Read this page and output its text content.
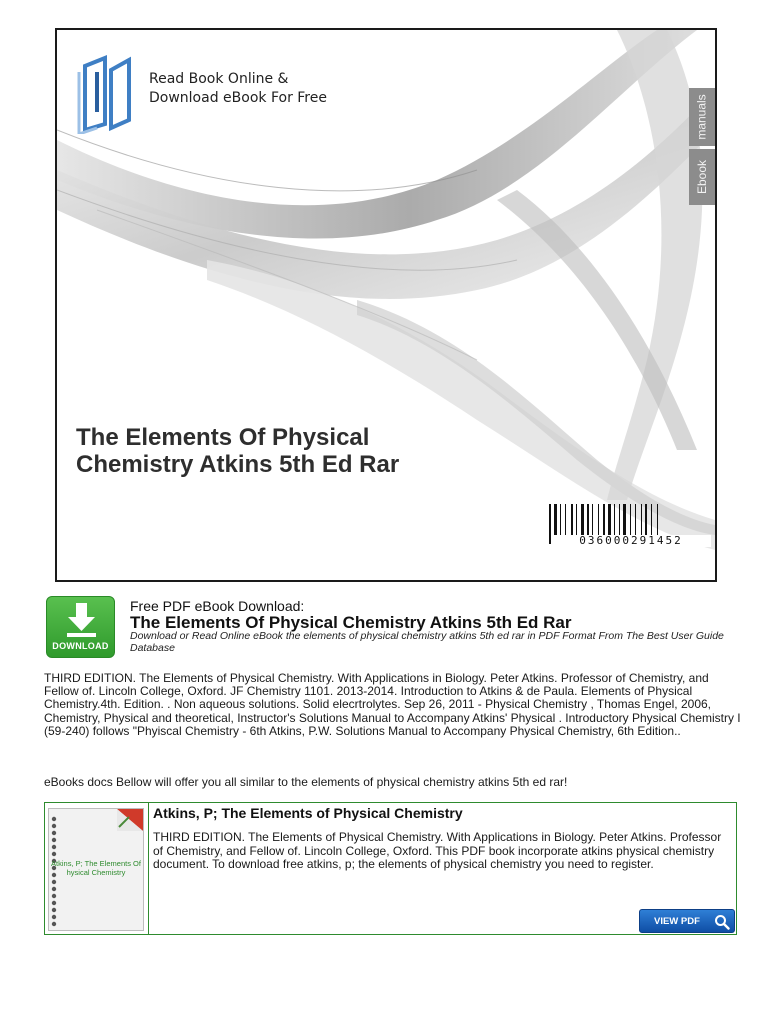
Read Book Online &
Download eBook For Free	manuals
Ebook
The Elements Of Physical Chemistry Atkins 5th Ed Rar
036000291452
DOWNLOAD
Free PDF eBook Download:
The Elements Of Physical Chemistry Atkins 5th Ed Rar
Download or Read Online eBook the elements of physical chemistry atkins 5th ed rar in PDF Format From The Best User Guide Database
THIRD EDITION. The Elements of Physical Chemistry. With Applications in Biology. Peter Atkins. Professor of Chemistry, and Fellow of. Lincoln College, Oxford. JF Chemistry 1101. 2013-2014. Introduction to Atkins & de Paula. Elements of Physical Chemistry.4th. Edition. . Non aqueous solutions. Solid elecrtrolytes. Sep 26, 2011 - Physical Chemistry , Thomas Engel, 2006, Chemistry, Physical and theoretical, Instructor's Solutions Manual to Accompany Atkins' Physical . Introductory Physical Chemistry I (59-240) follows "Phyiscal Chemistry - 6th Atkins, P.W. Solutions Manual to Accompany Physical Chemistry, 6th Edition..
eBooks docs Bellow will offer you all similar to the elements of physical chemistry atkins 5th ed rar!
Atkins, P; The Elements Of hysical Chemistry
Atkins, P; The Elements of Physical Chemistry
THIRD EDITION. The Elements of Physical Chemistry. With Applications in Biology. Peter Atkins. Professor of Chemistry, and Fellow of. Lincoln College, Oxford. This PDF book incorporate atkins physical chemistry document. To download free atkins, p; the elements of physical chemistry you need to register.
VIEW PDF
